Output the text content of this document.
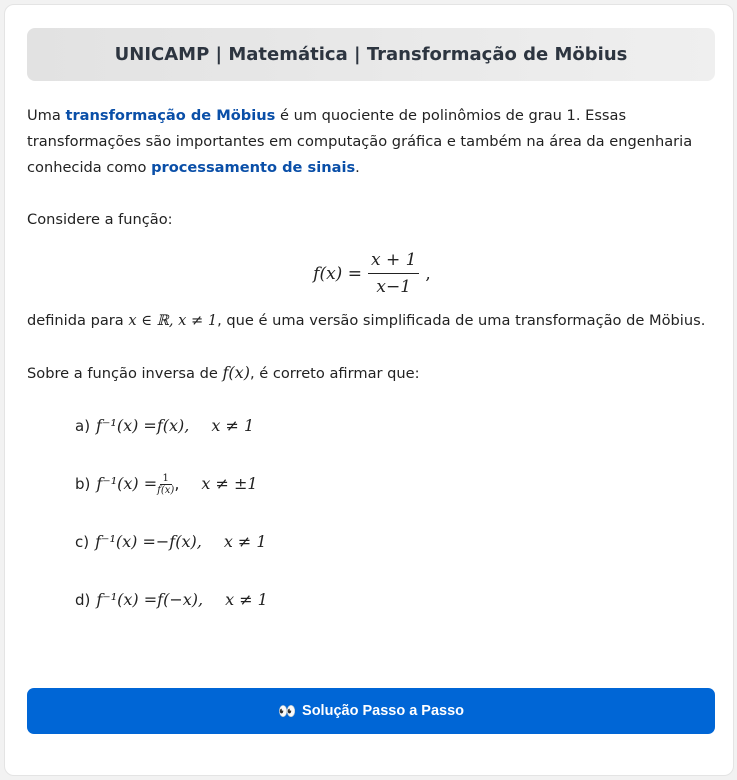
UNICAMP | Matemática | Transformação de Möbius

Uma transformação de Möbius é um quociente de polinômios de grau 1. Essas transformações são importantes em computação gráfica e também na área da engenharia conhecida como processamento de sinais.

Considere a função:

$f(x) = \frac{x + 1}{x-1}$ ,

definida para x ∈ ℝ, x ≠ 1, que é uma versão simplificada de uma transformação de Möbius.

Sobre a função inversa de f(x), é correto afirmar que:

a) f⁻¹(x) = f(x), x ≠ 1
b) $f^{-1}(x) = \frac{1}{f(x)}$ , x ≠ ±1
c) f⁻¹(x) = −f(x), x ≠ 1
d) f⁻¹(x) = f(−x), x ≠ 1
👀 Solução Passo a Passo
